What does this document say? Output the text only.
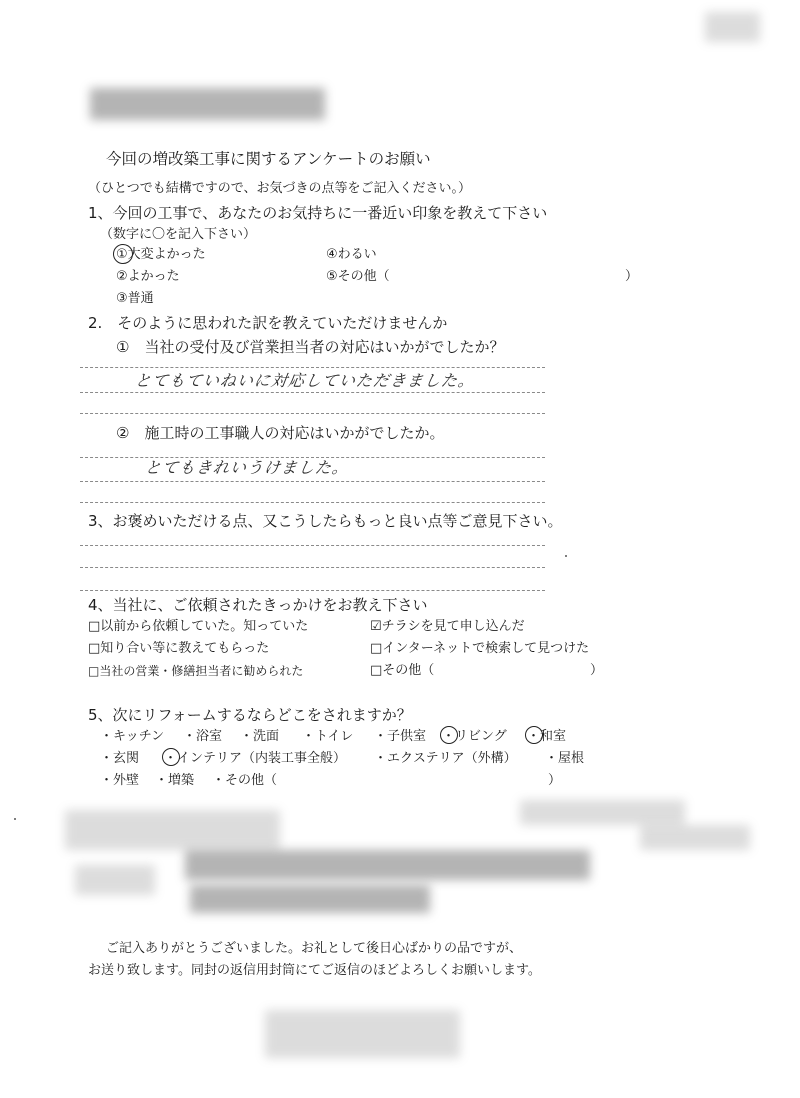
今回の増改築工事に関するアンケートのお願い
（ひとつでも結構ですので、お気づきの点等をご記入ください。）
1、今回の工事で、あなたのお気持ちに一番近い印象を教えて下さい
（数字に〇を記入下さい）
①大変よかった
②よかった
③普通
④わるい
⑤その他（	）
2.　そのように思われた訳を教えていただけませんか
①　当社の受付及び営業担当者の対応はいかがでしたか？
とてもていねいに対応していただきました。
②　施工時の工事職人の対応はいかがでしたか。
とてもきれいうけました。
3、お褒めいただける点、又こうしたらもっと良い点等ご意見下さい。
4、当社に、ご依頼されたきっかけをお教え下さい
□以前から依頼していた。知っていた	☑チラシを見て申し込んだ
□知り合い等に教えてもらった	□インターネットで検索して見つけた
□当社の営業・修繕担当者に勧められた	□その他（	）
5、次にリフォームするならどこをされますか？
・キッチン ・浴室 ・洗面 ・トイレ ・子供室 ・リビング ・和室
・玄関 ・インテリア（内装工事全般） ・エクステリア（外構） ・屋根
・外壁 ・増築 ・その他（	）
ご記入ありがとうございました。お礼として後日心ばかりの品ですが、
お送り致します。同封の返信用封筒にてご返信のほどよろしくお願いします。
